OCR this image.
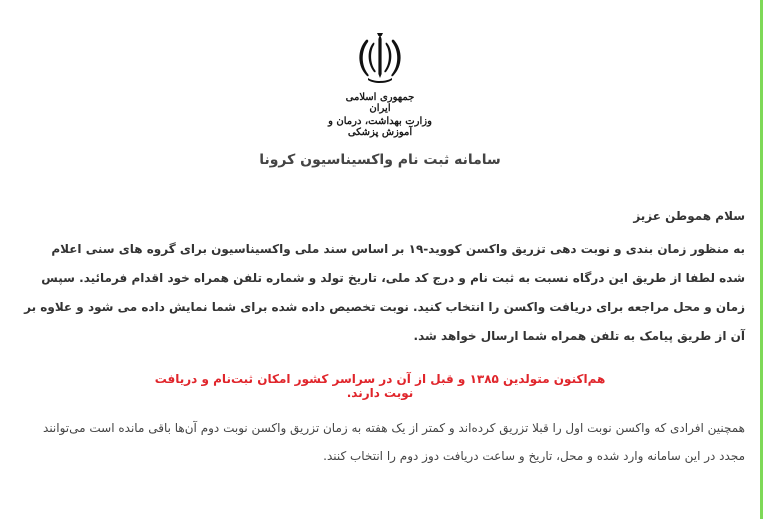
جمهوری اسلامی ایران
وزارت بهداشت، درمان و آموزش پزشکی
سامانه ثبت نام واکسیناسیون کرونا
سلام هموطن عزیز

به منظور زمان بندی و نوبت دهی تزریق واکسن کووید-۱۹ بر اساس سند ملی واکسیناسیون برای گروه های سنی اعلام شده لطفا از طریق این درگاه نسبت به ثبت نام و درج کد ملی، تاریخ تولد و شماره تلفن همراه خود اقدام فرمائید. سپس زمان و محل مراجعه برای دریافت واکسن را انتخاب کنید. نوبت تخصیص داده شده برای شما نمایش داده می شود و علاوه بر آن از طریق پیامک به تلفن همراه شما ارسال خواهد شد.

هم‌اکنون متولدین ۱۳۸۵ و قبل از آن در سراسر کشور امکان ثبت‌نام و دریافت نوبت دارند.

همچنین افرادی که واکسن نوبت اول را قبلا تزریق کرده‌اند و کمتر از یک هفته به زمان تزریق واکسن نوبت دوم آن‌ها باقی مانده است می‌توانند مجدد در این سامانه وارد شده و محل، تاریخ و ساعت دریافت دوز دوم را انتخاب کنند.
